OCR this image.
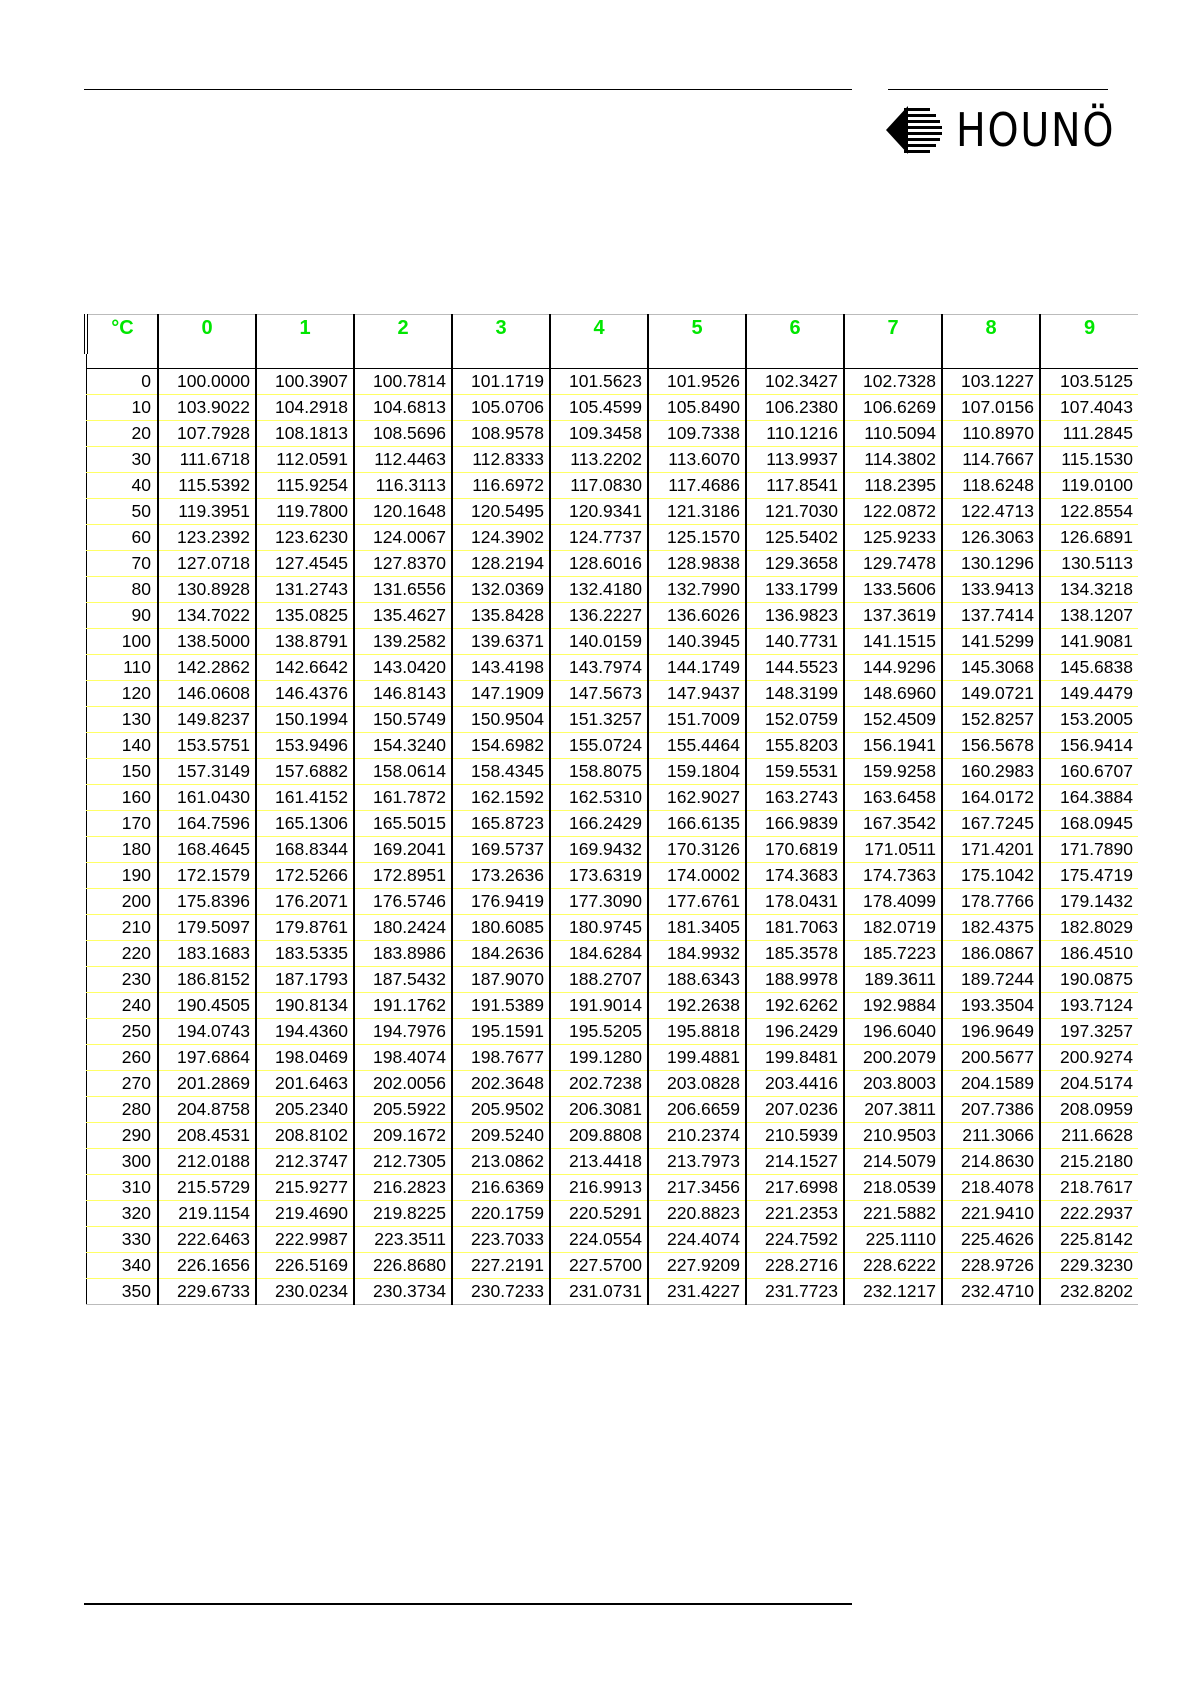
HOUNÖ
°C	0	1	2	3	4	5	6	7	8	9

0	100.0000	100.3907	100.7814	101.1719	101.5623	101.9526	102.3427	102.7328	103.1227	103.5125
10	103.9022	104.2918	104.6813	105.0706	105.4599	105.8490	106.2380	106.6269	107.0156	107.4043
20	107.7928	108.1813	108.5696	108.9578	109.3458	109.7338	110.1216	110.5094	110.8970	111.2845
30	111.6718	112.0591	112.4463	112.8333	113.2202	113.6070	113.9937	114.3802	114.7667	115.1530
40	115.5392	115.9254	116.3113	116.6972	117.0830	117.4686	117.8541	118.2395	118.6248	119.0100
50	119.3951	119.7800	120.1648	120.5495	120.9341	121.3186	121.7030	122.0872	122.4713	122.8554
60	123.2392	123.6230	124.0067	124.3902	124.7737	125.1570	125.5402	125.9233	126.3063	126.6891
70	127.0718	127.4545	127.8370	128.2194	128.6016	128.9838	129.3658	129.7478	130.1296	130.5113
80	130.8928	131.2743	131.6556	132.0369	132.4180	132.7990	133.1799	133.5606	133.9413	134.3218
90	134.7022	135.0825	135.4627	135.8428	136.2227	136.6026	136.9823	137.3619	137.7414	138.1207
100	138.5000	138.8791	139.2582	139.6371	140.0159	140.3945	140.7731	141.1515	141.5299	141.9081
110	142.2862	142.6642	143.0420	143.4198	143.7974	144.1749	144.5523	144.9296	145.3068	145.6838
120	146.0608	146.4376	146.8143	147.1909	147.5673	147.9437	148.3199	148.6960	149.0721	149.4479
130	149.8237	150.1994	150.5749	150.9504	151.3257	151.7009	152.0759	152.4509	152.8257	153.2005
140	153.5751	153.9496	154.3240	154.6982	155.0724	155.4464	155.8203	156.1941	156.5678	156.9414
150	157.3149	157.6882	158.0614	158.4345	158.8075	159.1804	159.5531	159.9258	160.2983	160.6707
160	161.0430	161.4152	161.7872	162.1592	162.5310	162.9027	163.2743	163.6458	164.0172	164.3884
170	164.7596	165.1306	165.5015	165.8723	166.2429	166.6135	166.9839	167.3542	167.7245	168.0945
180	168.4645	168.8344	169.2041	169.5737	169.9432	170.3126	170.6819	171.0511	171.4201	171.7890
190	172.1579	172.5266	172.8951	173.2636	173.6319	174.0002	174.3683	174.7363	175.1042	175.4719
200	175.8396	176.2071	176.5746	176.9419	177.3090	177.6761	178.0431	178.4099	178.7766	179.1432
210	179.5097	179.8761	180.2424	180.6085	180.9745	181.3405	181.7063	182.0719	182.4375	182.8029
220	183.1683	183.5335	183.8986	184.2636	184.6284	184.9932	185.3578	185.7223	186.0867	186.4510
230	186.8152	187.1793	187.5432	187.9070	188.2707	188.6343	188.9978	189.3611	189.7244	190.0875
240	190.4505	190.8134	191.1762	191.5389	191.9014	192.2638	192.6262	192.9884	193.3504	193.7124
250	194.0743	194.4360	194.7976	195.1591	195.5205	195.8818	196.2429	196.6040	196.9649	197.3257
260	197.6864	198.0469	198.4074	198.7677	199.1280	199.4881	199.8481	200.2079	200.5677	200.9274
270	201.2869	201.6463	202.0056	202.3648	202.7238	203.0828	203.4416	203.8003	204.1589	204.5174
280	204.8758	205.2340	205.5922	205.9502	206.3081	206.6659	207.0236	207.3811	207.7386	208.0959
290	208.4531	208.8102	209.1672	209.5240	209.8808	210.2374	210.5939	210.9503	211.3066	211.6628
300	212.0188	212.3747	212.7305	213.0862	213.4418	213.7973	214.1527	214.5079	214.8630	215.2180
310	215.5729	215.9277	216.2823	216.6369	216.9913	217.3456	217.6998	218.0539	218.4078	218.7617
320	219.1154	219.4690	219.8225	220.1759	220.5291	220.8823	221.2353	221.5882	221.9410	222.2937
330	222.6463	222.9987	223.3511	223.7033	224.0554	224.4074	224.7592	225.1110	225.4626	225.8142
340	226.1656	226.5169	226.8680	227.2191	227.5700	227.9209	228.2716	228.6222	228.9726	229.3230
350	229.6733	230.0234	230.3734	230.7233	231.0731	231.4227	231.7723	232.1217	232.4710	232.8202
